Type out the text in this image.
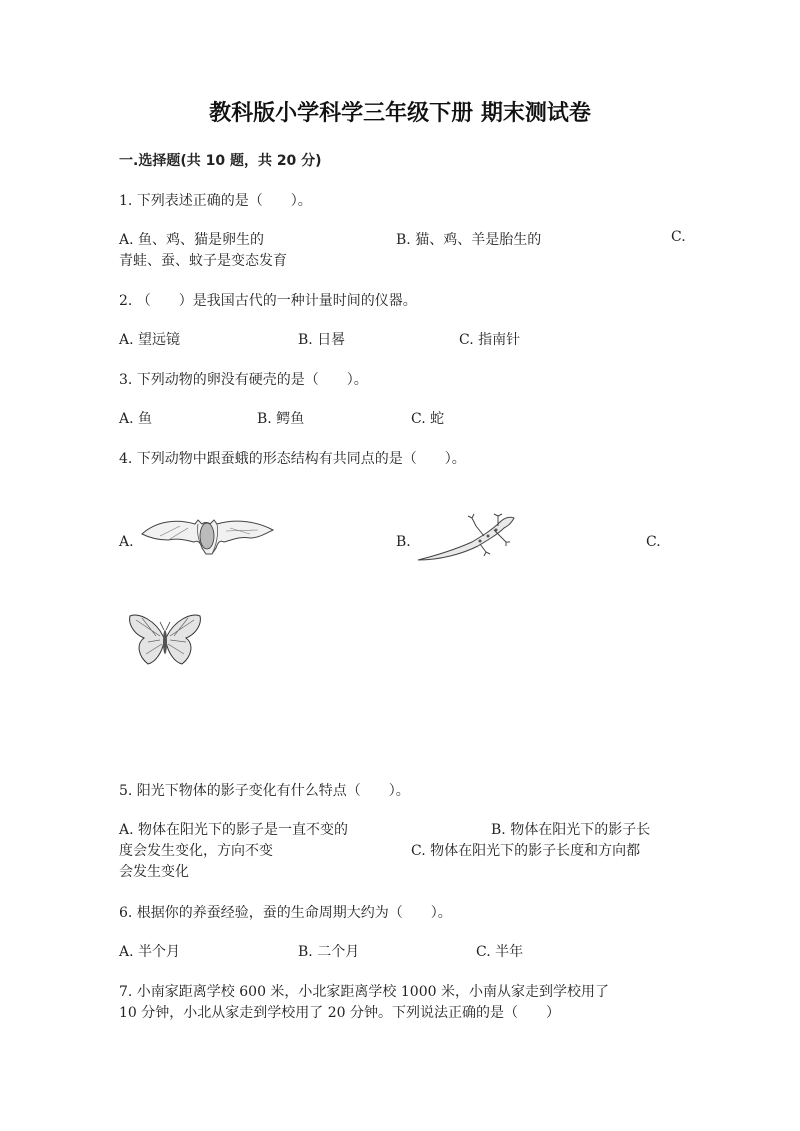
教科版小学科学三年级下册 期末测试卷
一.选择题(共 10 题，共 20 分)
1. 下列表述正确的是（　　）。
A. 鱼、鸡、猫是卵生的	B. 猫、鸡、羊是胎生的	C.
青蛙、蚕、蚊子是变态发育
2. （　　）是我国古代的一种计量时间的仪器。
A. 望远镜	B. 日晷	C. 指南针
3. 下列动物的卵没有硬壳的是（　　）。
A. 鱼	B. 鳄鱼	C. 蛇
4. 下列动物中跟蚕蛾的形态结构有共同点的是（　　）。
A.	B.	C.
5. 阳光下物体的影子变化有什么特点（　　）。
A. 物体在阳光下的影子是一直不变的	B. 物体在阳光下的影子长
度会发生变化，方向不变	C. 物体在阳光下的影子长度和方向都
会发生变化
6. 根据你的养蚕经验，蚕的生命周期大约为（　　）。
A. 半个月	B. 二个月	C. 半年
7. 小南家距离学校 600 米，小北家距离学校 1000 米，小南从家走到学校用了
10 分钟，小北从家走到学校用了 20 分钟。下列说法正确的是（　　）
